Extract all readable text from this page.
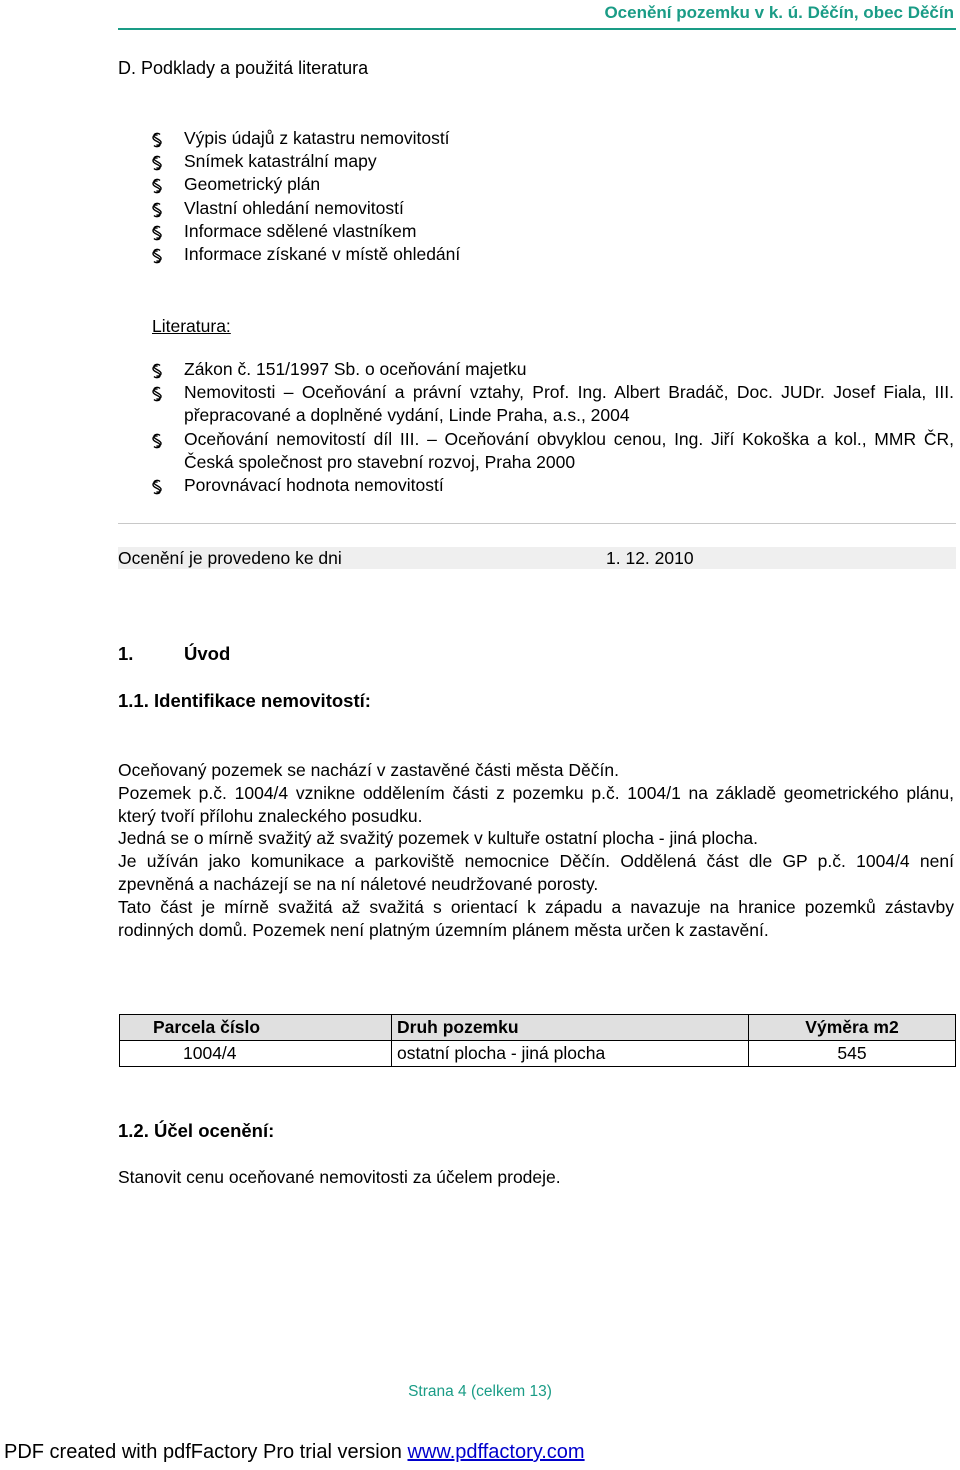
Ocenění pozemku v k. ú. Děčín, obec Děčín
D. Podklady a použitá literatura
Výpis údajů z katastru nemovitostí
Snímek katastrální mapy
Geometrický plán
Vlastní ohledání nemovitostí
Informace sdělené vlastníkem
Informace získané v místě ohledání
Literatura:
Zákon č. 151/1997 Sb. o oceňování majetku
Nemovitosti – Oceňování a právní vztahy, Prof. Ing. Albert Bradáč, Doc. JUDr. Josef Fiala, III. přepracované a doplněné vydání, Linde Praha, a.s., 2004
Oceňování nemovitostí díl III. – Oceňování obvyklou cenou, Ing. Jiří Kokoška a kol., MMR ČR, Česká společnost pro stavební rozvoj, Praha 2000
Porovnávací hodnota nemovitostí
Ocenění je provedeno ke dni	1. 12. 2010
1.	Úvod
1.1. Identifikace nemovitostí:

Oceňovaný pozemek se nachází v zastavěné části města Děčín.

Pozemek p.č. 1004/4 vznikne oddělením části z pozemku p.č. 1004/1 na základě geometrického plánu, který tvoří přílohu znaleckého posudku.

Jedná se o mírně svažitý až svažitý pozemek v kultuře ostatní plocha - jiná plocha.

Je užíván jako komunikace a parkoviště nemocnice Děčín. Oddělená část dle GP p.č. 1004/4 není zpevněná a nacházejí se na ní náletové neudržované porosty.

Tato část je mírně svažitá až svažitá s orientací k západu a navazuje na hranice pozemků zástavby rodinných domů. Pozemek není platným územním plánem města určen k zastavění.

Parcela číslo	Druh pozemku	Výměra m2
1004/4	ostatní plocha - jiná plocha	545
1.2. Účel ocenění:
Stanovit cenu oceňované nemovitosti za účelem prodeje.
Strana 4 (celkem 13)
PDF created with pdfFactory Pro trial version www.pdffactory.com
